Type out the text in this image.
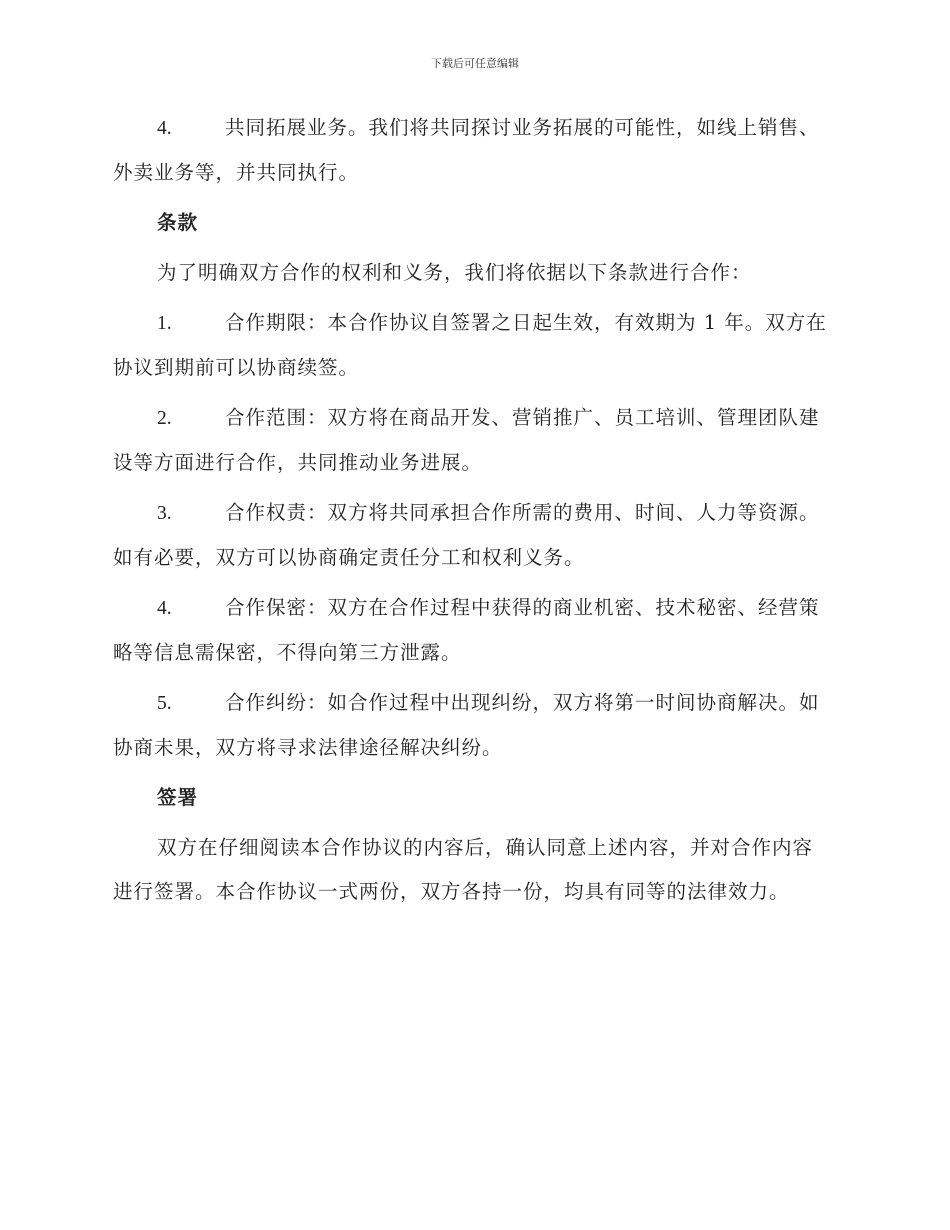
下载后可任意编辑

4.	共同拓展业务。我们将共同探讨业务拓展的可能性，如线上销售、外卖业务等，并共同执行。

条款

为了明确双方合作的权利和义务，我们将依据以下条款进行合作：

1.	合作期限：本合作协议自签署之日起生效，有效期为 1 年。双方在协议到期前可以协商续签。

2.	合作范围：双方将在商品开发、营销推广、员工培训、管理团队建设等方面进行合作，共同推动业务进展。

3.	合作权责：双方将共同承担合作所需的费用、时间、人力等资源。如有必要，双方可以协商确定责任分工和权利义务。

4.	合作保密：双方在合作过程中获得的商业机密、技术秘密、经营策略等信息需保密，不得向第三方泄露。

5.	合作纠纷：如合作过程中出现纠纷，双方将第一时间协商解决。如协商未果，双方将寻求法律途径解决纠纷。

签署

双方在仔细阅读本合作协议的内容后，确认同意上述内容，并对合作内容进行签署。本合作协议一式两份，双方各持一份，均具有同等的法律效力。
